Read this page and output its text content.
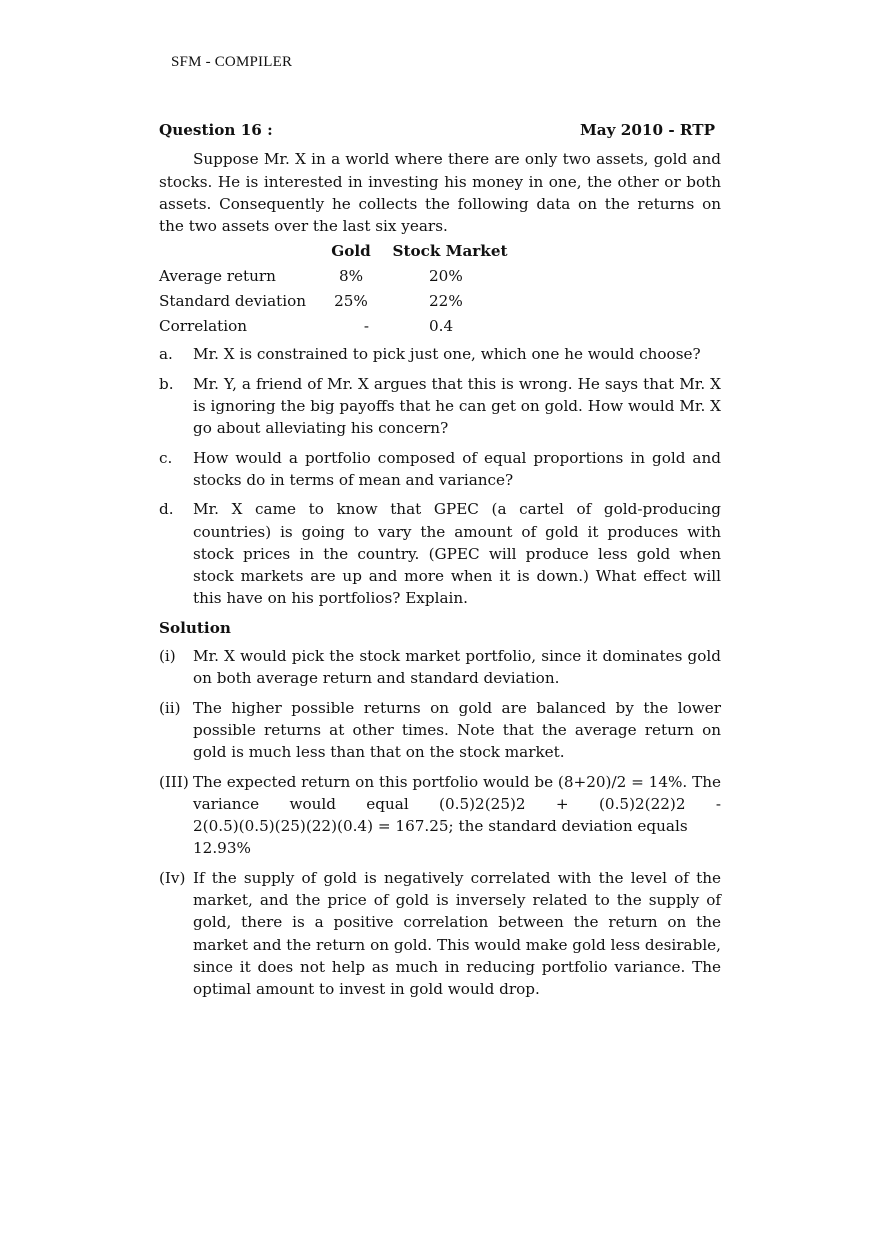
SFM - COMPILER
Question 16 :	May 2010 - RTP

Suppose Mr. X in a world where there are only two assets, gold and stocks. He is interested in investing his money in one, the other or both assets. Consequently he collects the following data on the returns on the two assets over the last six years.

	Gold	Stock Market
Average return	8%	20%
Standard deviation	25%	22%
Correlation	-	0.4
a.	Mr. X is constrained to pick just one, which one he would choose?
b.	Mr. Y, a friend of Mr. X argues that this is wrong. He says that Mr. X is ignoring the big payoffs that he can get on gold. How would Mr. X go about alleviating his concern?
c.	How would a portfolio composed of equal proportions in gold and stocks do in terms of mean and variance?
d.	Mr. X came to know that GPEC (a cartel of gold-producing countries) is going to vary the amount of gold it produces with stock prices in the country. (GPEC will produce less gold when stock markets are up and more when it is down.) What effect will this have on his portfolios? Explain.
Solution
(i)	Mr. X would pick the stock market portfolio, since it dominates gold on both average return and standard deviation.
(ii) The higher possible returns on gold are balanced by the lower possible returns at other times. Note that the average return on gold is much less than that on the stock market.
(III) The expected return on this portfolio would be (8+20)/2 = 14%. The variance would equal (0.5)2(25)2 + (0.5)2(22)2 -
2(0.5)(0.5)(25)(22)(0.4) = 167.25; the standard deviation equals 12.93%
(Iv) If the supply of gold is negatively correlated with the level of the market, and the price of gold is inversely related to the supply of gold, there is a positive correlation between the return on the market and the return on gold. This would make gold less desirable, since it does not help as much in reducing portfolio variance. The optimal amount to invest in gold would drop.
